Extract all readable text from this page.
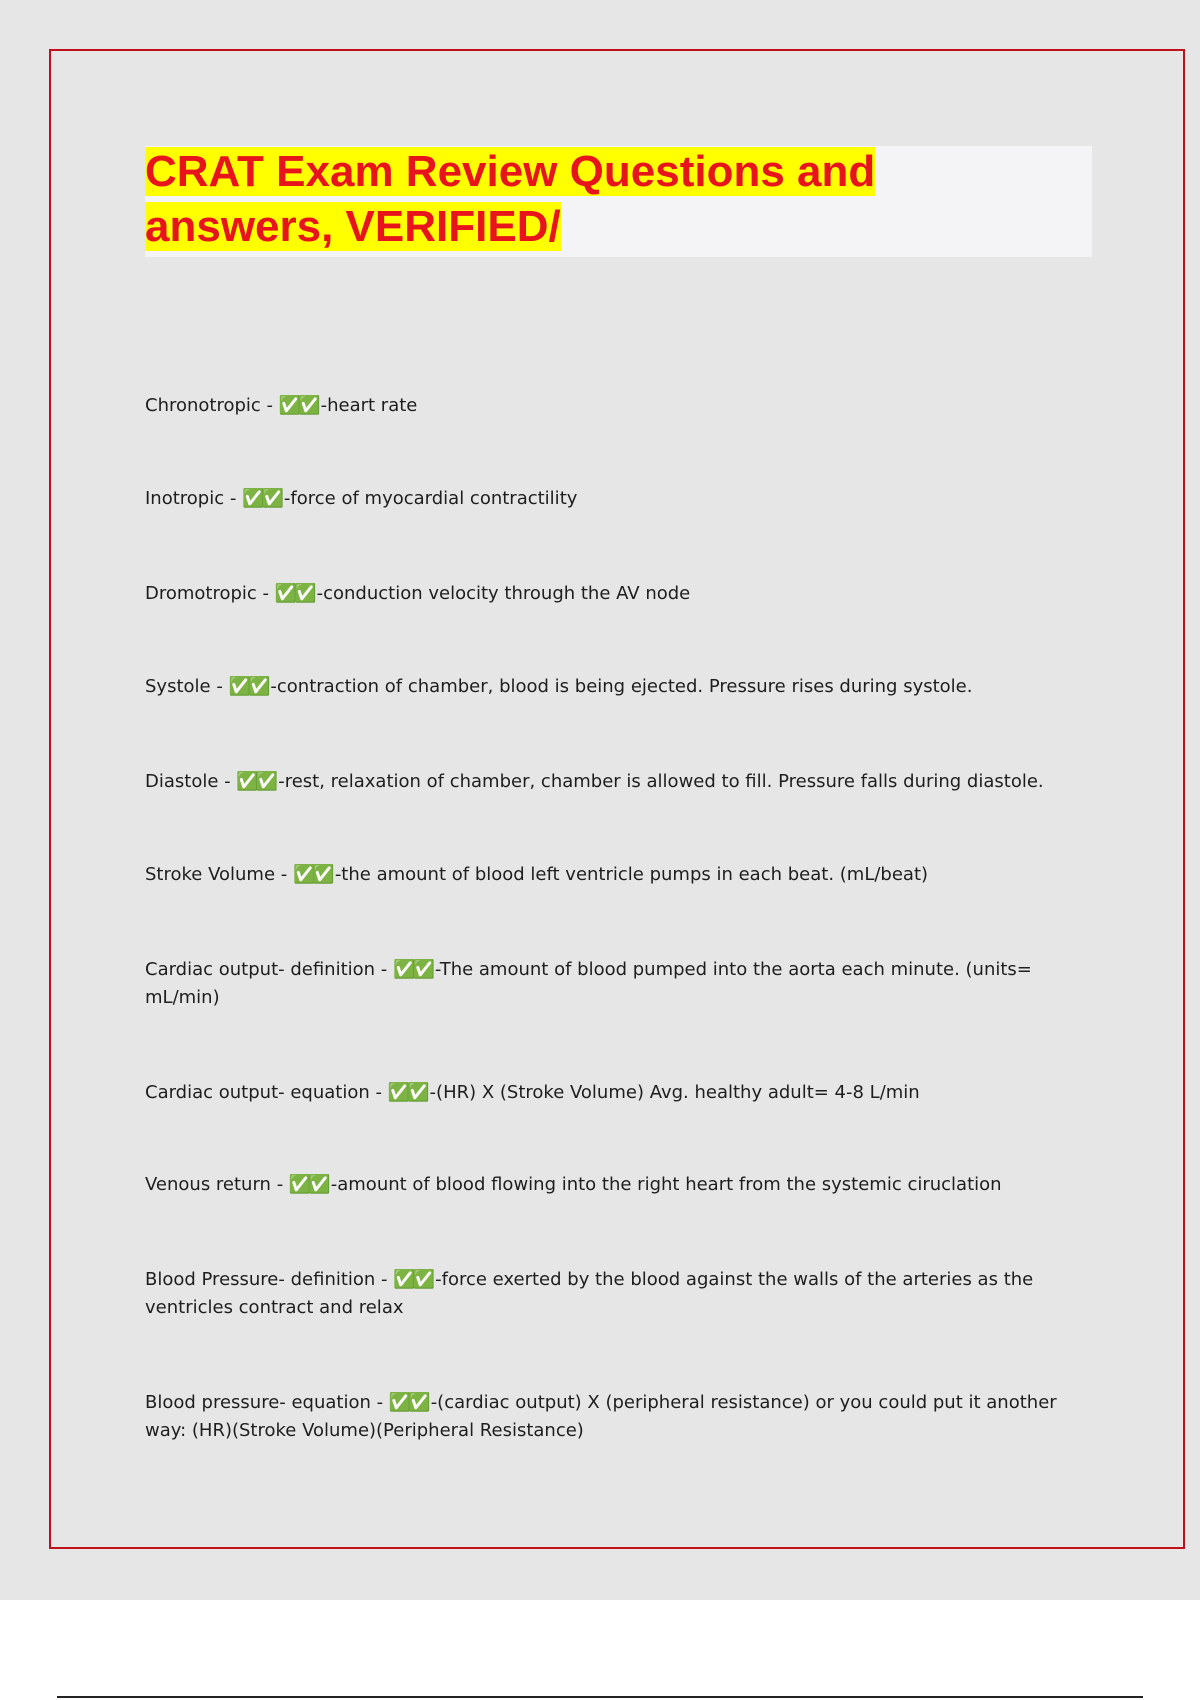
CRAT Exam Review Questions and
answers, VERIFIED/

Chronotropic - ✅✅ -heart rate

Inotropic - ✅✅ -force of myocardial contractility

Dromotropic - ✅✅ -conduction velocity through the AV node

Systole - ✅✅ -contraction of chamber, blood is being ejected. Pressure rises during systole.

Diastole - ✅✅ -rest, relaxation of chamber, chamber is allowed to fill. Pressure falls during diastole.

Stroke Volume - ✅✅ -the amount of blood left ventricle pumps in each beat. (mL/beat)

Cardiac output- definition - ✅✅ -The amount of blood pumped into the aorta each minute. (units= mL/min)

Cardiac output- equation - ✅✅ -(HR) X (Stroke Volume) Avg. healthy adult= 4-8 L/min

Venous return - ✅✅ -amount of blood flowing into the right heart from the systemic ciruclation

Blood Pressure- definition - ✅✅ -force exerted by the blood against the walls of the arteries as the ventricles contract and relax

Blood pressure- equation - ✅✅ -(cardiac output) X (peripheral resistance) or you could put it another way: (HR)(Stroke Volume)(Peripheral Resistance)
